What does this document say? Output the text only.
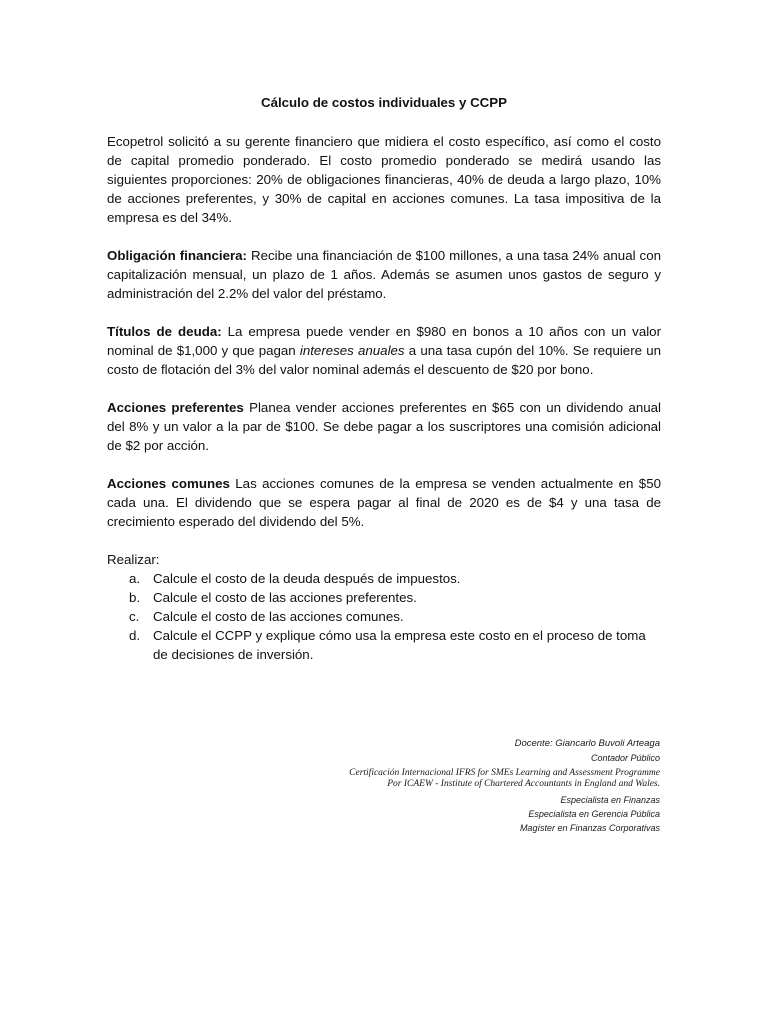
Cálculo de costos individuales y CCPP

Ecopetrol solicitó a su gerente financiero que midiera el costo específico, así como el costo de capital promedio ponderado. El costo promedio ponderado se medirá usando las siguientes proporciones: 20% de obligaciones financieras, 40% de deuda a largo plazo, 10% de acciones preferentes, y 30% de capital en acciones comunes. La tasa impositiva de la empresa es del 34%.

Obligación financiera: Recibe una financiación de $100 millones, a una tasa 24% anual con capitalización mensual, un plazo de 1 años. Además se asumen unos gastos de seguro y administración del 2.2% del valor del préstamo.

Títulos de deuda: La empresa puede vender en $980 en bonos a 10 años con un valor nominal de $1,000 y que pagan intereses anuales a una tasa cupón del 10%. Se requiere un costo de flotación del 3% del valor nominal además el descuento de $20 por bono.

Acciones preferentes Planea vender acciones preferentes en $65 con un dividendo anual del 8% y un valor a la par de $100. Se debe pagar a los suscriptores una comisión adicional de $2 por acción.

Acciones comunes Las acciones comunes de la empresa se venden actualmente en $50 cada una. El dividendo que se espera pagar al final de 2020 es de $4 y una tasa de crecimiento esperado del dividendo del 5%.

Realizar:

a. Calcule el costo de la deuda después de impuestos.
b. Calcule el costo de las acciones preferentes.
c. Calcule el costo de las acciones comunes.
d. Calcule el CCPP y explique cómo usa la empresa este costo en el proceso de toma de decisiones de inversión.
Docente: Giancarlo Buvoli Arteaga
Contador Público
Certificación Internacional IFRS for SMEs Learning and Assessment Programme
Por ICAEW - Institute of Chartered Accountants in England and Wales.
Especialista en Finanzas
Especialista en Gerencia Pública
Magíster en Finanzas Corporativas
